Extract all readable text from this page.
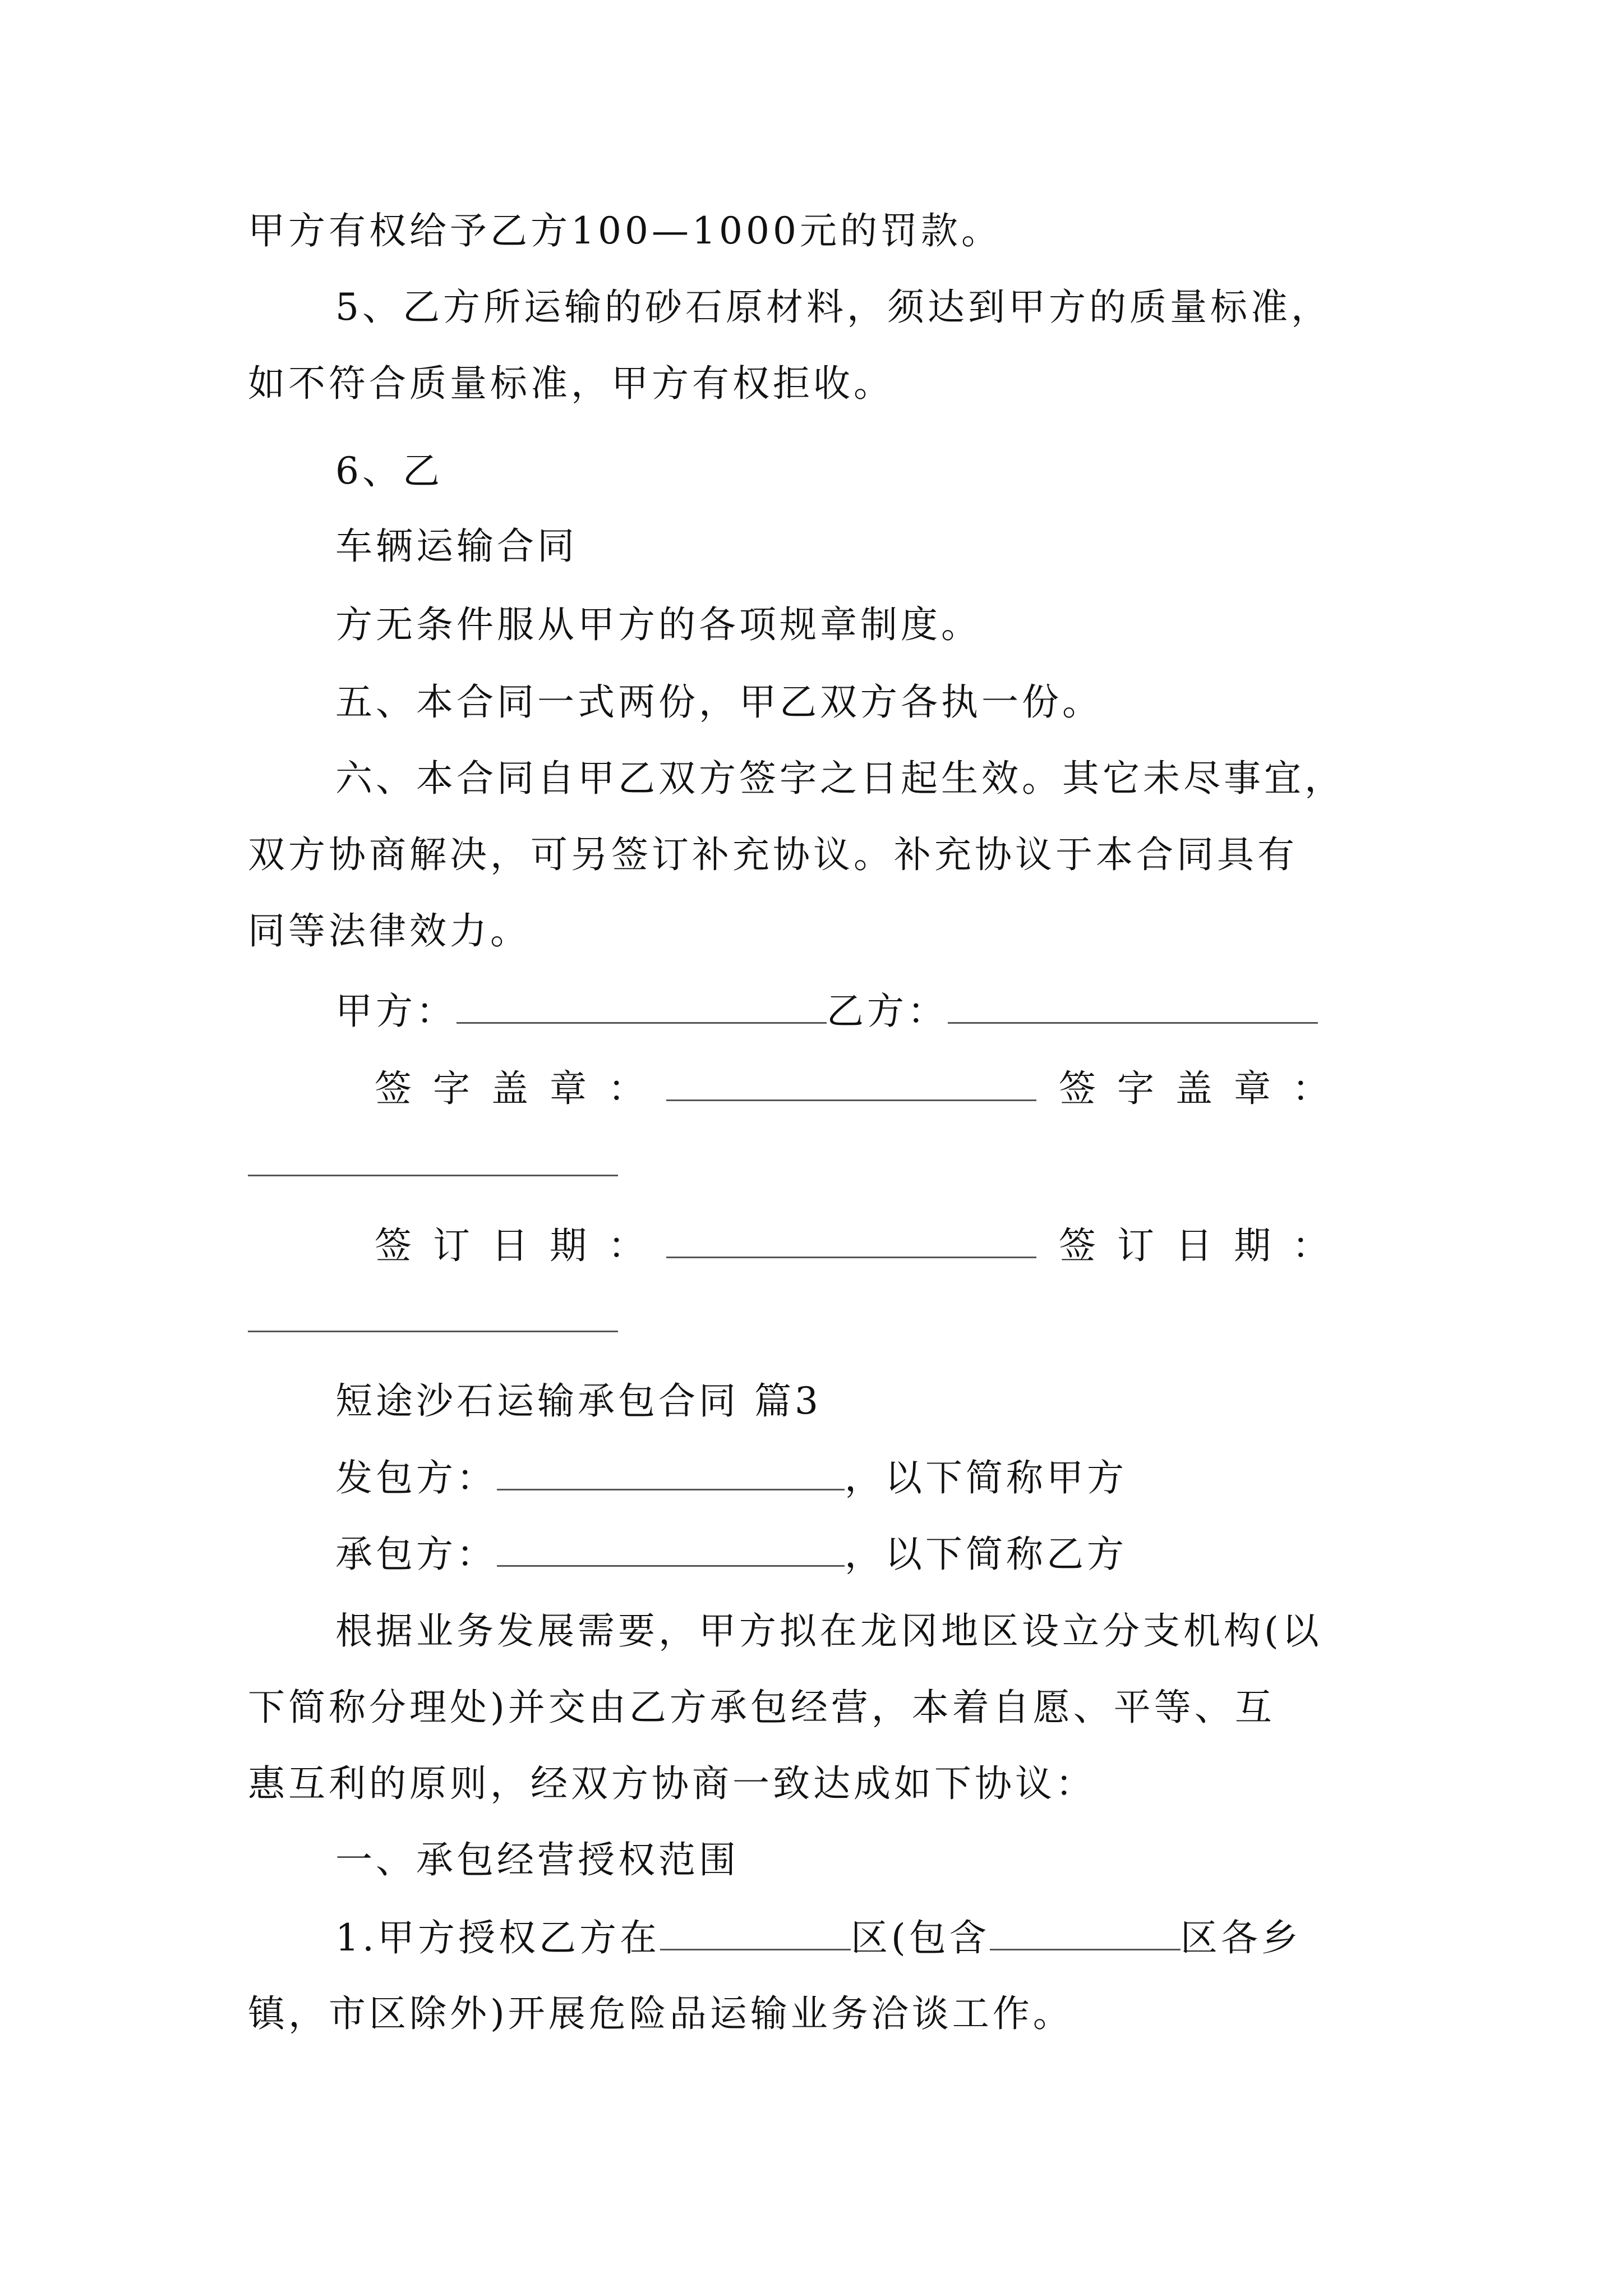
甲方有权给予乙方100—1000元的罚款。
5、乙方所运输的砂石原材料，须达到甲方的质量标准，
如不符合质量标准，甲方有权拒收。
6、乙
车辆运输合同
方无条件服从甲方的各项规章制度。
五、本合同一式两份，甲乙双方各执一份。
六、本合同自甲乙双方签字之日起生效。其它未尽事宜，
双方协商解决，可另签订补充协议。补充协议于本合同具有
同等法律效力。
甲方：	乙方：
签字盖章：	签字盖章：
签订日期：	签订日期：
短途沙石运输承包合同 篇3
发包方：	，以下简称甲方
承包方：	，以下简称乙方
根据业务发展需要，甲方拟在龙冈地区设立分支机构(以
下简称分理处)并交由乙方承包经营，本着自愿、平等、互
惠互利的原则，经双方协商一致达成如下协议：
一、承包经营授权范围
1.甲方授权乙方在	区(包含	区各乡
镇，市区除外)开展危险品运输业务洽谈工作。
